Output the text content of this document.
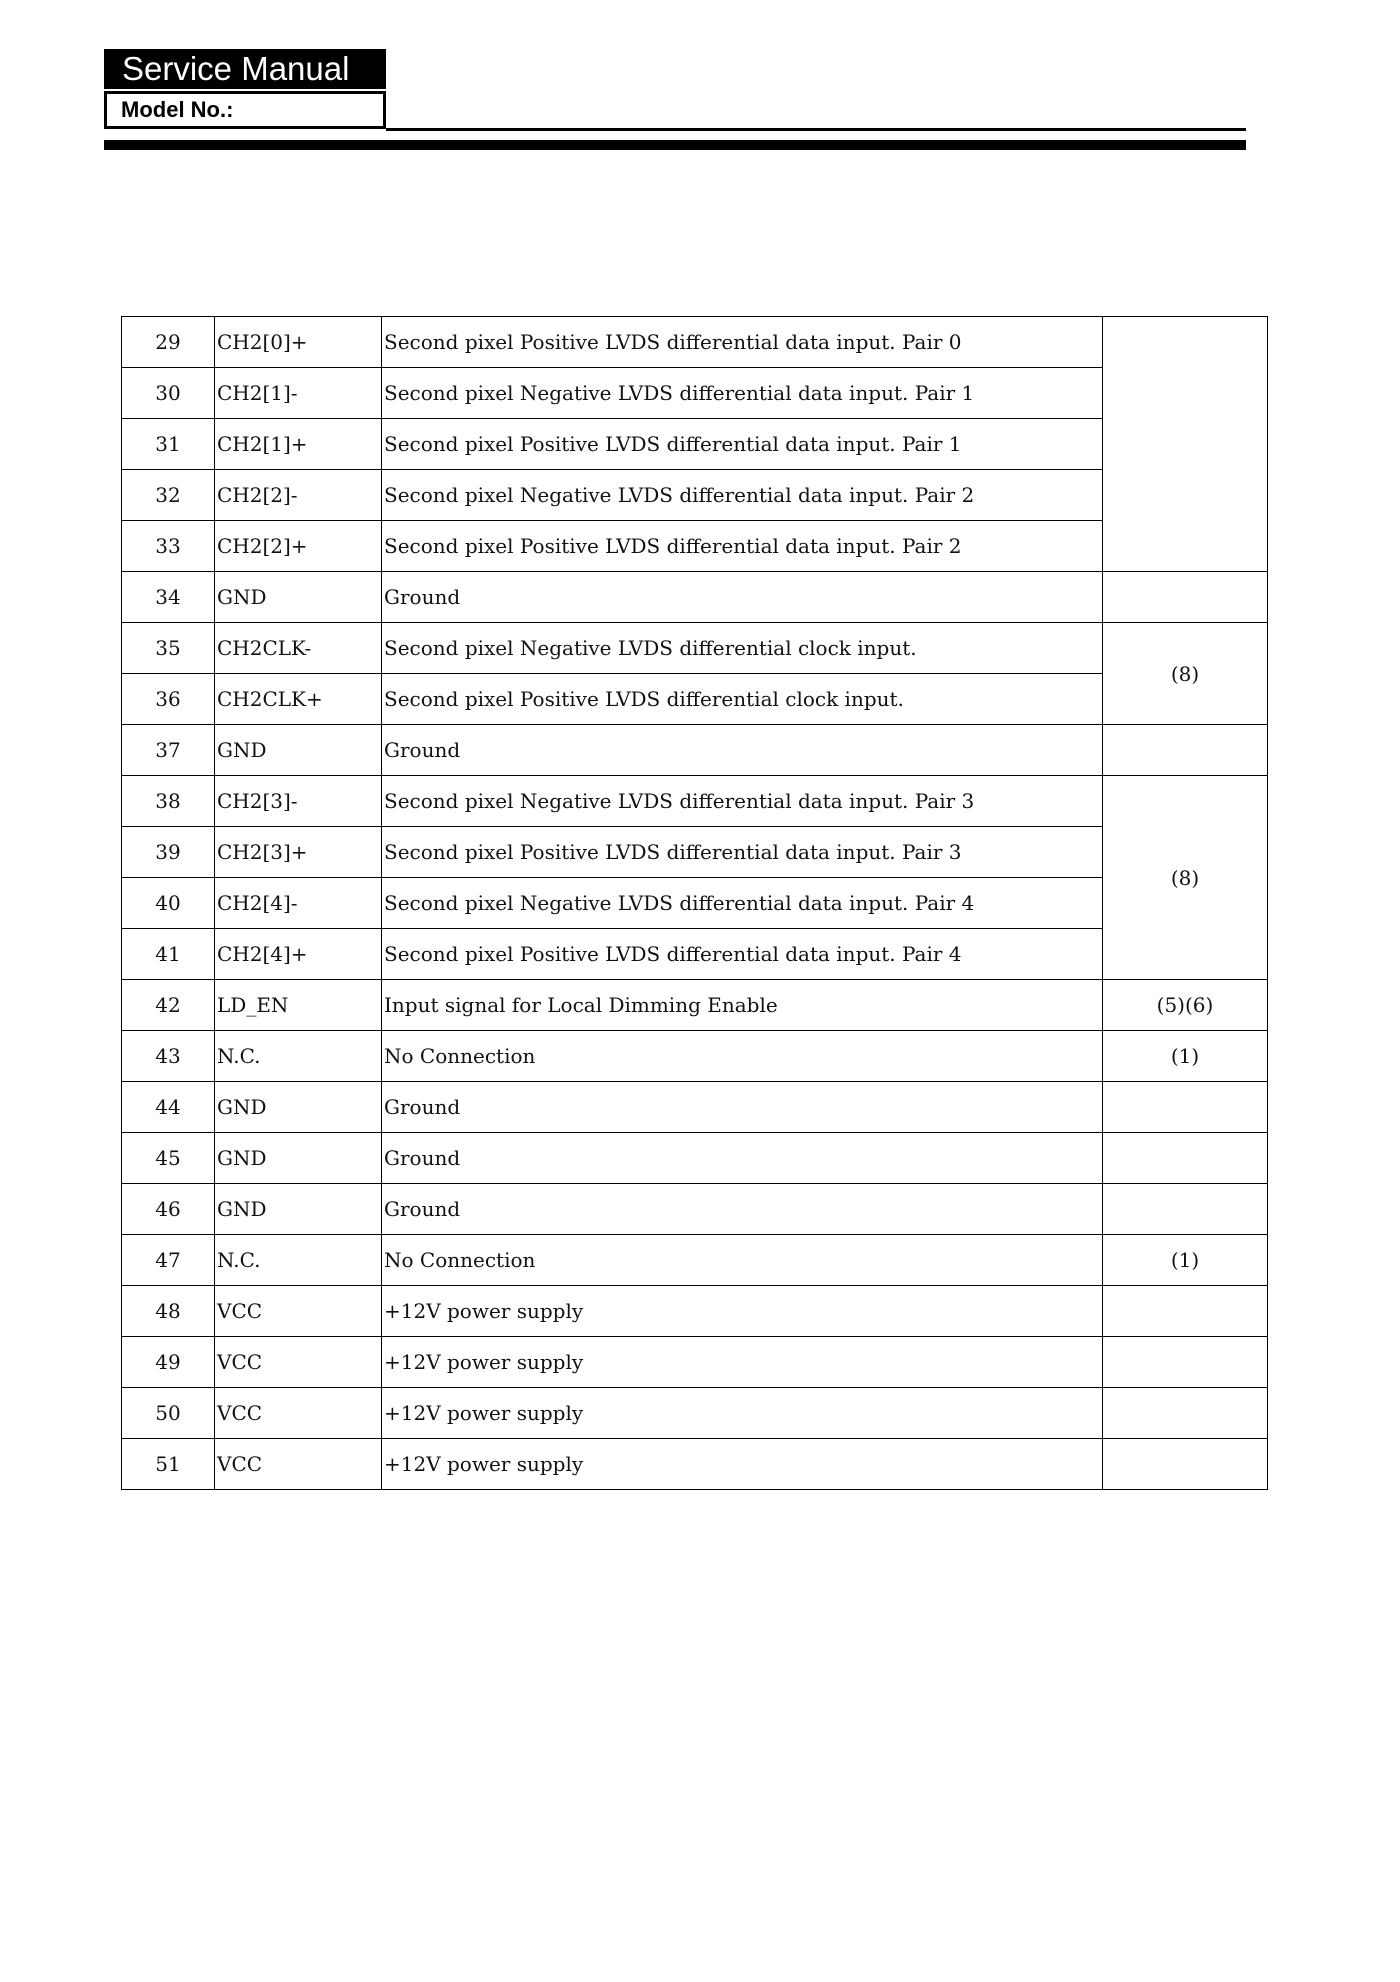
Service Manual
Model No.:
29	CH2[0]+	Second pixel Positive LVDS differential data input. Pair 0	
30	CH2[1]-	Second pixel Negative LVDS differential data input. Pair 1	
31	CH2[1]+	Second pixel Positive LVDS differential data input. Pair 1	
32	CH2[2]-	Second pixel Negative LVDS differential data input. Pair 2	
33	CH2[2]+	Second pixel Positive LVDS differential data input. Pair 2	
34	GND	Ground	
35	CH2CLK-	Second pixel Negative LVDS differential clock input.	(8)
36	CH2CLK+	Second pixel Positive LVDS differential clock input.	
37	GND	Ground	
38	CH2[3]-	Second pixel Negative LVDS differential data input. Pair 3	(8)
39	CH2[3]+	Second pixel Positive LVDS differential data input. Pair 3	
40	CH2[4]-	Second pixel Negative LVDS differential data input. Pair 4	
41	CH2[4]+	Second pixel Positive LVDS differential data input. Pair 4	
42	LD_EN	Input signal for Local Dimming Enable	(5)(6)
43	N.C.	No Connection	(1)
44	GND	Ground	
45	GND	Ground	
46	GND	Ground	
47	N.C.	No Connection	(1)
48	VCC	+12V power supply	
49	VCC	+12V power supply	
50	VCC	+12V power supply	
51	VCC	+12V power supply	
